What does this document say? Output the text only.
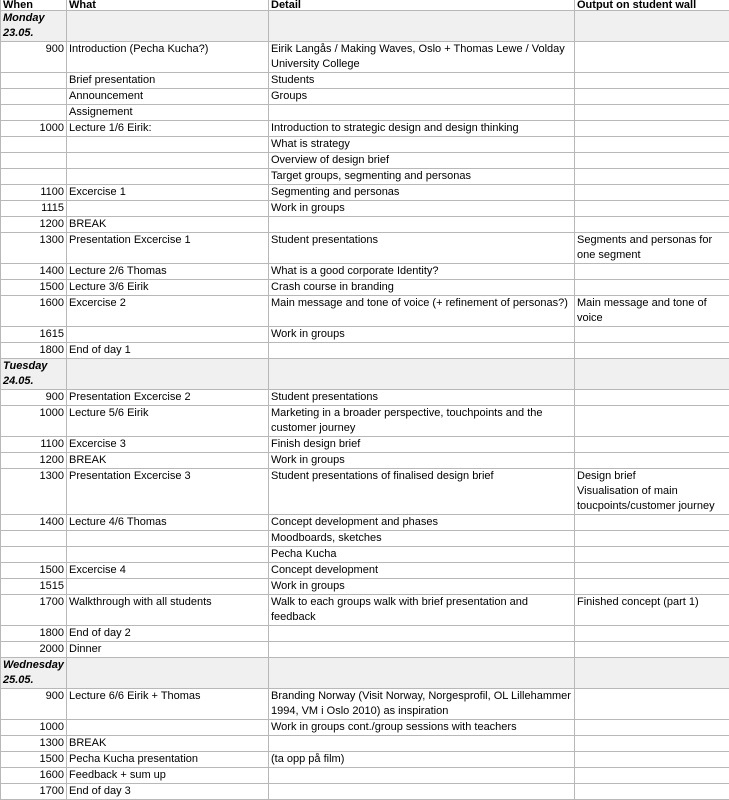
When	What	Detail	Output on student wall
Monday
23.05.			
900	Introduction (Pecha Kucha?)	Eirik Langås / Making Waves, Oslo + Thomas Lewe / Volday University College	
	Brief presentation	Students	
	Announcement	Groups	
	Assignement		
1000	Lecture 1/6 Eirik:	Introduction to strategic design and design thinking	
		What is strategy	
		Overview of design brief	
		Target groups, segmenting and personas	
1100	Excercise 1	Segmenting and personas	
1115		Work in groups	
1200	BREAK		
1300	Presentation Excercise 1	Student presentations	Segments and personas for one segment
1400	Lecture 2/6 Thomas	What is a good corporate Identity?	
1500	Lecture 3/6 Eirik	Crash course in branding	
1600	Excercise 2	Main message and tone of voice (+ refinement of personas?)	Main message and tone of voice
1615		Work in groups	
1800	End of day 1		
Tuesday
24.05.			
900	Presentation Excercise 2	Student presentations	
1000	Lecture 5/6 Eirik	Marketing in a broader perspective, touchpoints and the customer journey	
1100	Excercise 3	Finish design brief	
1200	BREAK	Work in groups	
1300	Presentation Excercise 3	Student presentations of finalised design brief	Design brief
Visualisation of main toucpoints/customer journey
1400	Lecture 4/6 Thomas	Concept development and phases	
		Moodboards, sketches	
		Pecha Kucha	
1500	Excercise 4	Concept development	
1515		Work in groups	
1700	Walkthrough with all students	Walk to each groups walk with brief presentation and feedback	Finished concept (part 1)
1800	End of day 2		
2000	Dinner		
Wednesday
25.05.			
900	Lecture 6/6 Eirik + Thomas	Branding Norway (Visit Norway, Norgesprofil, OL Lillehammer 1994, VM i Oslo 2010) as inspiration	
1000		Work in groups cont./group sessions with teachers	
1300	BREAK		
1500	Pecha Kucha presentation	(ta opp på film)	
1600	Feedback + sum up		
1700	End of day 3		
